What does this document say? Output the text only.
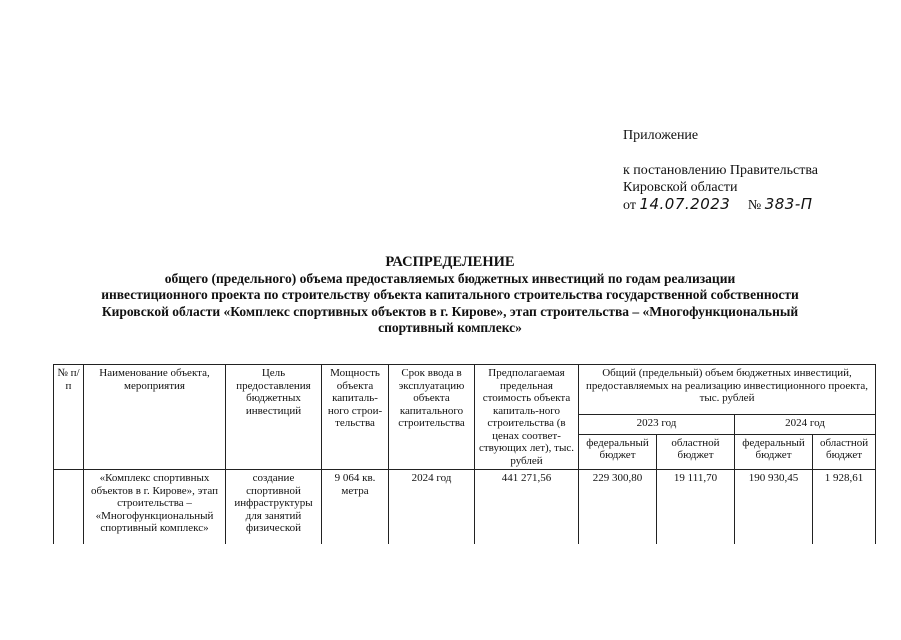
Приложение
к постановлению Правительства
Кировской области
от 14.07.2023 № 383-П
РАСПРЕДЕЛЕНИЕ
общего (предельного) объема предоставляемых бюджетных инвестиций по годам реализации
инвестиционного проекта по строительству объекта капитального строительства государственной собственности
Кировской области «Комплекс спортивных объектов в г. Кирове», этап строительства – «Многофункциональный
спортивный комплекс»
№ п/п	Наименование объекта, мероприятия	Цель предоставления бюджетных инвестиций	Мощность объекта капиталь-ного строи-тельства	Срок ввода в эксплуатацию объекта капитального строительства	Предполагаемая предельная стоимость объекта капиталь-ного строительства (в ценах соответ-ствующих лет), тыс. рублей	Общий (предельный) объем бюджетных инвестиций, предоставляемых на реализацию инвестиционного проекта, тыс. рублей			
						2023 год		2024 год	
						федеральный бюджет	областной бюджет	федеральный бюджет	областной бюджет
	«Комплекс спортивных объектов в г. Кирове», этап строительства – «Многофункциональный спортивный комплекс»	создание спортивной инфраструктуры для занятий физической	9 064 кв. метра	2024 год	441 271,56	229 300,80	19 111,70	190 930,45	1 928,61
